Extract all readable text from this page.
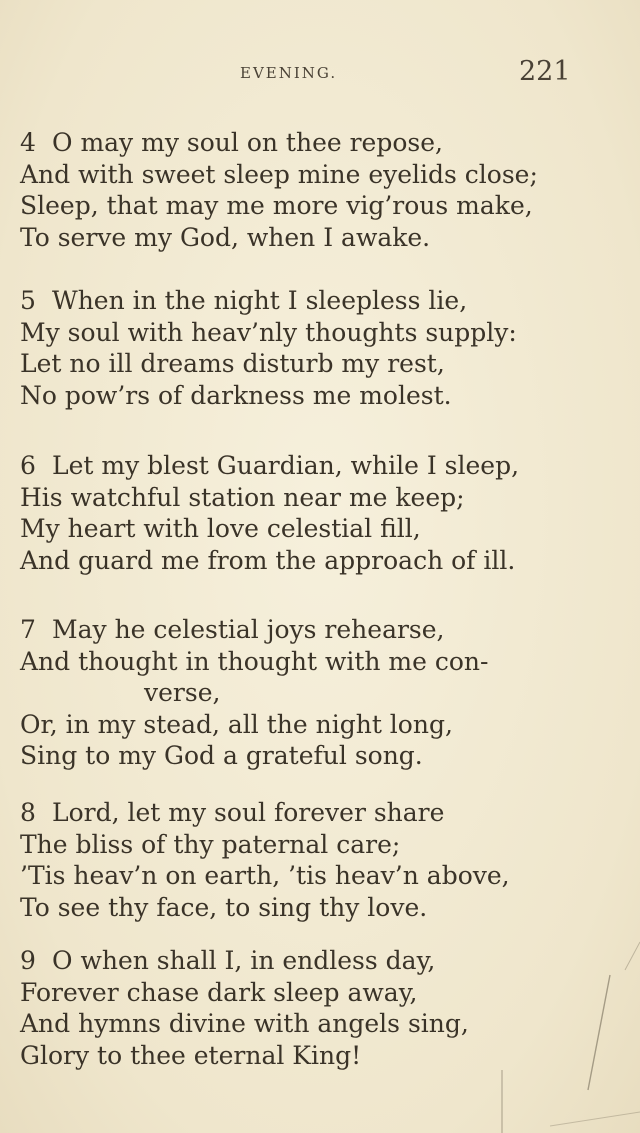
EVENING.	221
4 O may my soul on thee repose,
And with sweet sleep mine eyelids close;
Sleep, that may me more vig’rous make,
To serve my God, when I awake.
5 When in the night I sleepless lie,
My soul with heav’nly thoughts supply:
Let no ill dreams disturb my rest,
No pow’rs of darkness me molest.
6 Let my blest Guardian, while I sleep,
His watchful station near me keep;
My heart with love celestial fill,
And guard me from the approach of ill.
7 May he celestial joys rehearse,
And thought in thought with me con-
verse,
Or, in my stead, all the night long,
Sing to my God a grateful song.
8 Lord, let my soul forever share
The bliss of thy paternal care;
’Tis heav’n on earth, ’tis heav’n above,
To see thy face, to sing thy love.
9 O when shall I, in endless day,
Forever chase dark sleep away,
And hymns divine with angels sing,
Glory to thee eternal King!
